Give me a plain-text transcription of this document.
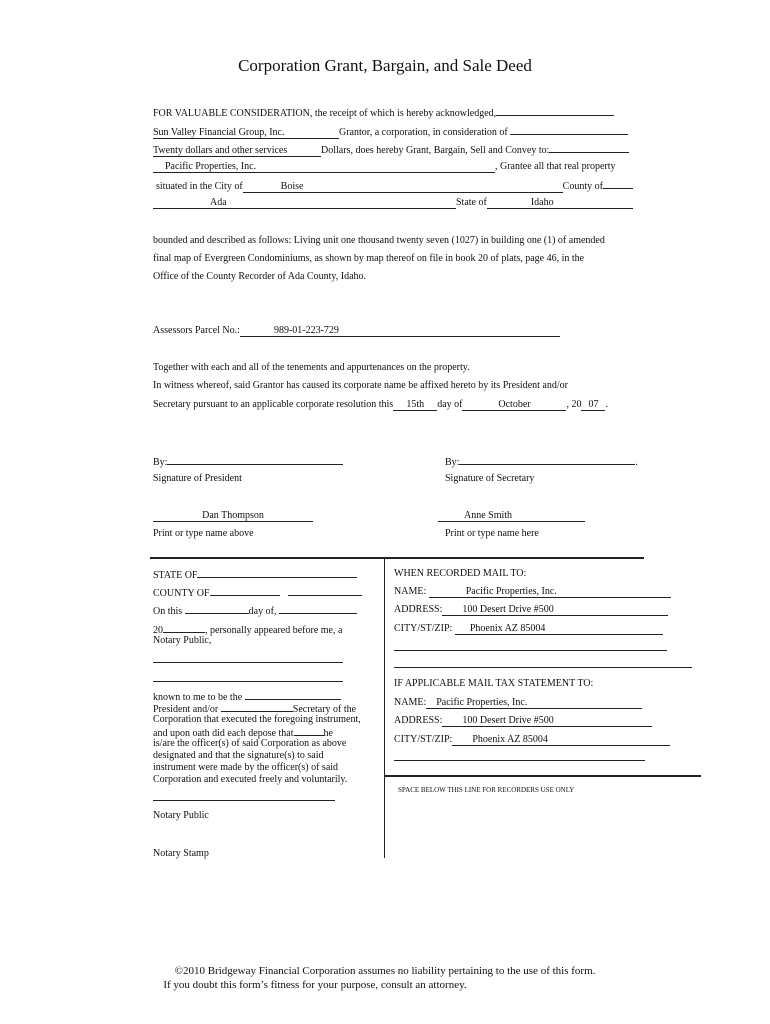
Corporation Grant, Bargain, and Sale Deed
FOR VALUABLE CONSIDERATION, the receipt of which is hereby acknowledged,
Sun Valley Financial Group, Inc.	Grantor, a corporation, in consideration of
Twenty dollars and other services	Dollars, does hereby Grant, Bargain, Sell and Convey to:
Pacific Properties, Inc.	, Grantee all that real property
situated in the City of	Boise	County of
Ada	State of	Idaho
bounded and described as follows: Living unit one thousand twenty seven (1027) in building one (1) of amended
final map of Evergreen Condominiums, as shown by map thereof on file in book 20 of plats, page 46, in the
Office of the County Recorder of Ada County, Idaho.
Assessors Parcel No.:	989-01-223-729
Together with each and all of the tenements and appurtenances on the property.
In witness whereof, said Grantor has caused its corporate name be affixed hereto by its President and/or
Secretary pursuant to an applicable corporate resolution this 15th day of	October	, 20 07 .
By:	By:	.
Signature of President	Signature of Secretary
Dan Thompson	Anne Smith
Print or type name above	Print or type name here
STATE OF
COUNTY OF
On this	day of,
20	, personally appeared before me, a
Notary Public,
known to me to be the
President and/or	Secretary of the
Corporation that executed the foregoing instrument,
and upon oath did each depose that	he
is/are the officer(s) of said Corporation as above
designated and that the signature(s) to said
instrument were made by the officer(s) of said
Corporation and executed freely and voluntarily.
Notary Public
Notary Stamp
WHEN RECORDED MAIL TO:
NAME:	Pacific Properties, Inc.
ADDRESS: 100 Desert Drive #500
CITY/ST/ZIP: Phoenix AZ 85004
IF APPLICABLE MAIL TAX STATEMENT TO:
NAME: Pacific Properties, Inc.
ADDRESS: 100 Desert Drive #500
CITY/ST/ZIP: Phoenix AZ 85004
SPACE BELOW THIS LINE FOR RECORDERS USE ONLY
©2010 Bridgeway Financial Corporation assumes no liability pertaining to the use of this form.
If you doubt this form’s fitness for your purpose, consult an attorney.
